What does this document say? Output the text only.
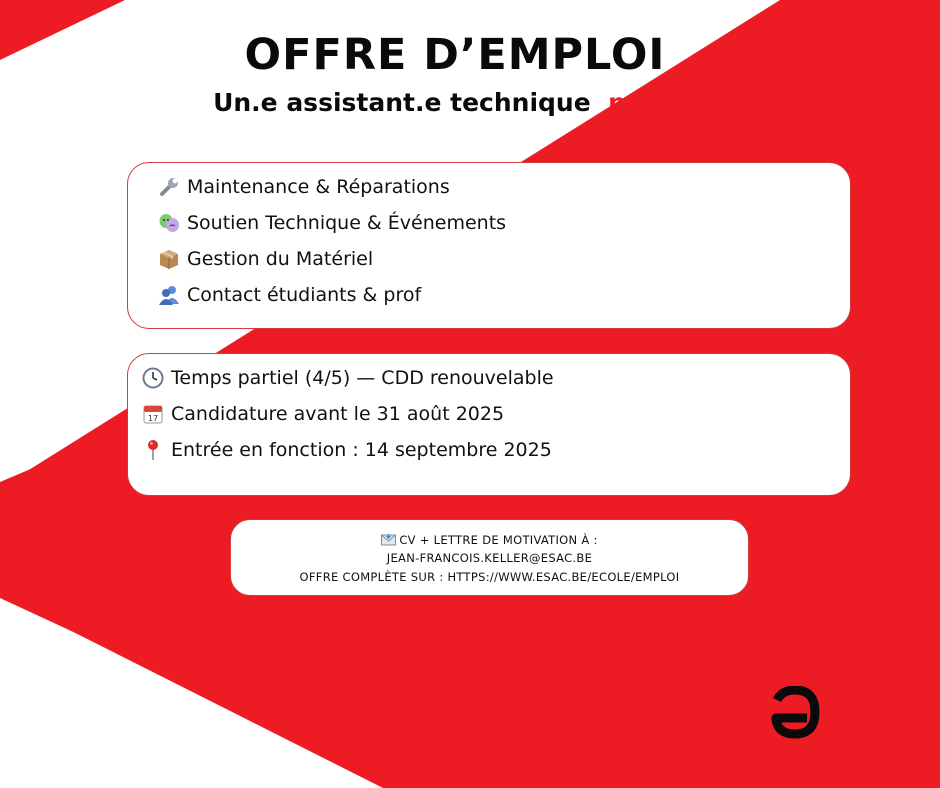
OFFRE D’EMPLOI
Un.e assistant.e technique polyvalent.e
Maintenance & Réparations
Soutien Technique & Événements
Gestion du Matériel
Contact étudiants & prof
Temps partiel (4/5) — CDD renouvelable
17 Candidature avant le 31 août 2025
Entrée en fonction : 14 septembre 2025
CV + LETTRE DE MOTIVATION À :
JEAN-FRANCOIS.KELLER@ESAC.BE
OFFRE COMPLÈTE SUR : HTTPS://WWW.ESAC.BE/ECOLE/EMPLOI
